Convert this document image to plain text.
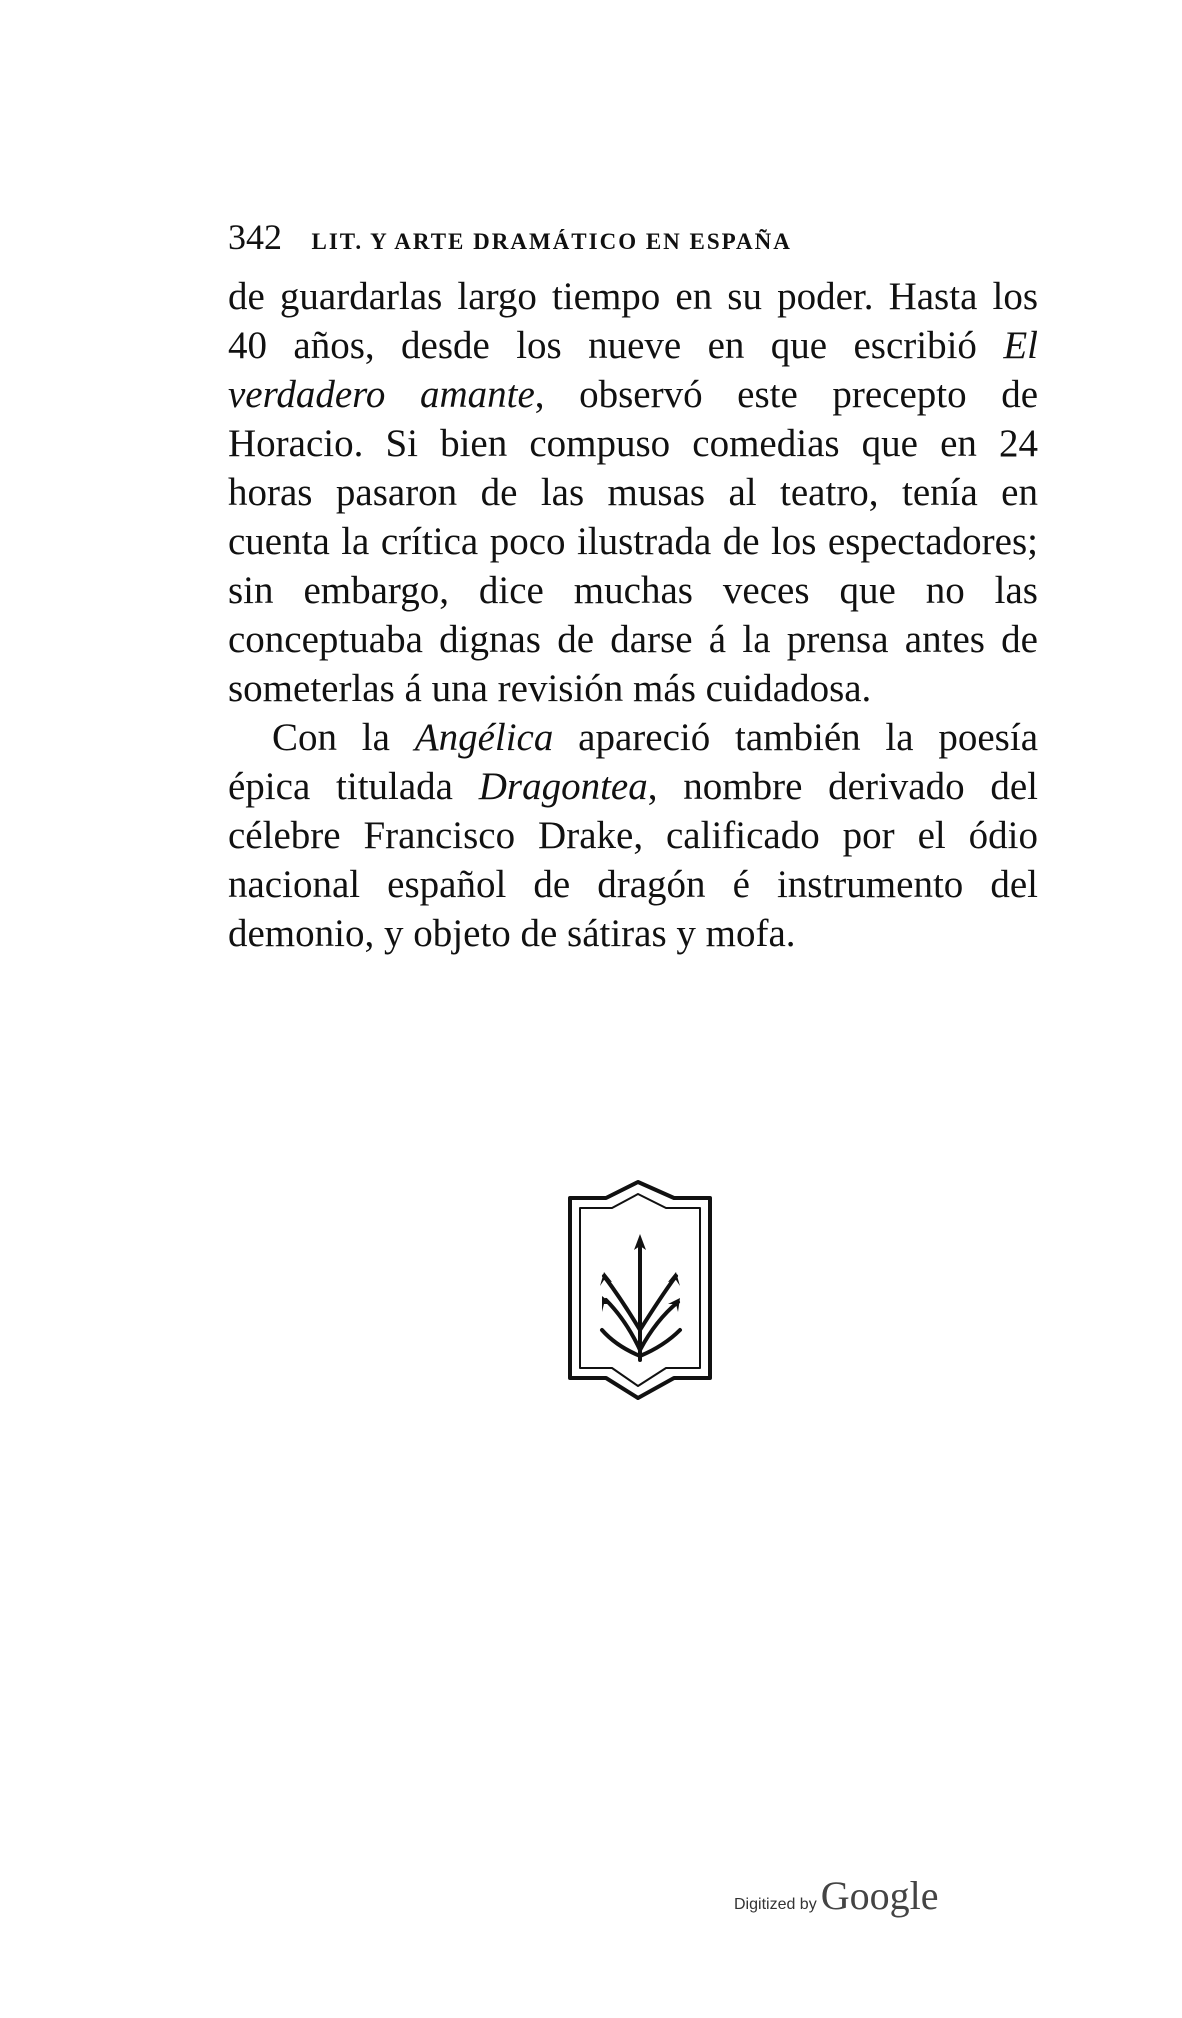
342 LIT. Y ARTE DRAMÁTICO EN ESPAÑA

de guardarlas largo tiempo en su poder. Hasta los 40 años, desde los nueve en que escribió El verdadero amante, observó este precepto de Horacio. Si bien compuso comedias que en 24 horas pasaron de las musas al teatro, tenía en cuenta la crítica poco ilustrada de los espectadores; sin embargo, dice muchas veces que no las conceptuaba dignas de darse á la prensa antes de someterlas á una revisión más cuidadosa.

Con la Angélica apareció también la poesía épica titulada Dragontea, nombre derivado del célebre Francisco Drake, calificado por el ódio nacional español de dragón é instrumento del demonio, y objeto de sátiras y mofa.

Digitized by Google
